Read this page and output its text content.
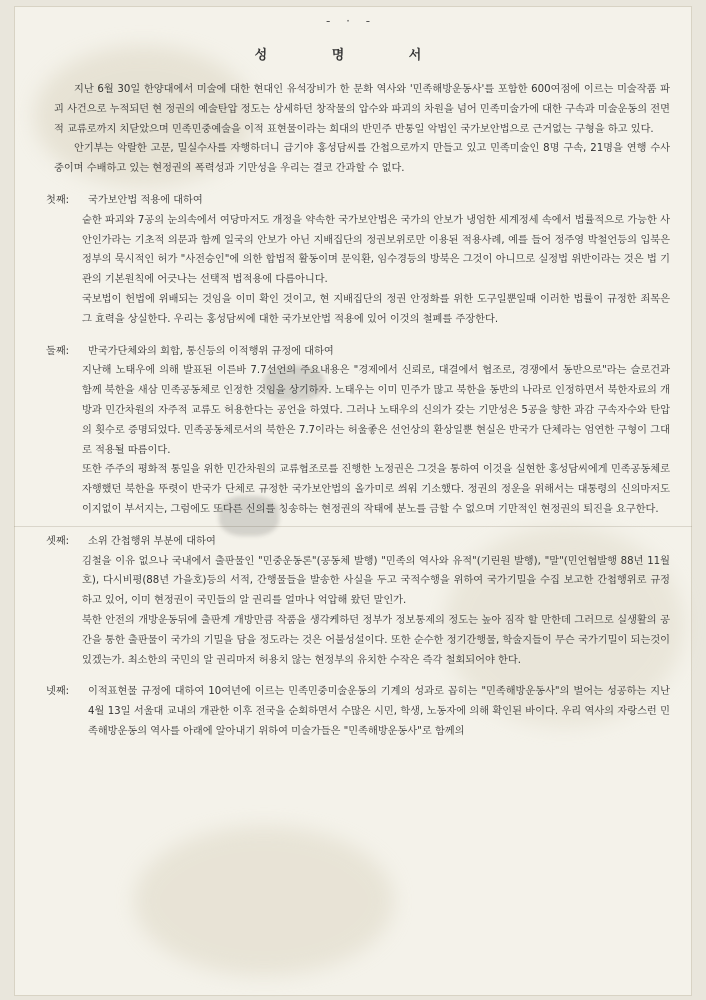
- · -
성 명 서

지난 6월 30일 한양대에서 미술에 대한 현대인 유석장비가 한 문화 역사와 '민족해방운동사'를 포함한 600여점에 이르는 미술작품 파괴 사건으로 누적되던 현 정권의 예술탄압 정도는 상세하던 창작물의 압수와 파괴의 차원을 넘어 민족미술가에 대한 구속과 미술운동의 전면적 교류로까지 치닫았으며 민족민중예술을 이적 표현물이라는 희대의 반민주 반통일 악법인 국가보안법으로 근거없는 구형을 하고 있다.

안기부는 악랄한 고문, 밀실수사를 자행하더니 급기야 홍성담씨를 간첩으로까지 만들고 있고 민족미술인 8명 구속, 21명을 연행 수사 중이며 수배하고 있는 현정권의 폭력성과 기만성을 우리는 결코 간과할 수 없다.

첫째:	국가보안법 적용에 대하여

숱한 파괴와 7공의 눈의속에서 여당마저도 개정을 약속한 국가보안법은 국가의 안보가 냉엄한 세계정세 속에서 법률적으로 가능한 사안인가라는 기초적 의문과 함께 일국의 안보가 아닌 지배집단의 정권보위로만 이용된 적용사례, 예를 들어 정주영 박철언등의 입북은 정부의 묵시적인 허가 "사전승인"에 의한 합법적 활동이며 문익환, 임수경등의 방북은 그것이 아니므로 실정법 위반이라는 것은 법 기관의 기본원칙에 어긋나는 선택적 법적용에 다름아니다.

국보법이 헌법에 위배되는 것임을 이미 확인 것이고, 현 지배집단의 정권 안정화를 위한 도구일뿐일때 이러한 법률이 규정한 죄목은 그 효력을 상실한다. 우리는 홍성담씨에 대한 국가보안법 적용에 있어 이것의 철폐를 주장한다.

둘째:	반국가단체와의 회합, 통신등의 이적행위 규정에 대하여

지난해 노태우에 의해 발표된 이른바 7.7선언의 주요내용은 "경제에서 신뢰로, 대결에서 협조로, 경쟁에서 동반으로"라는 슬로건과 함께 북한을 새삼 민족공동체로 인정한 것임을 상기하자. 노태우는 이미 민주가 많고 북한을 동반의 나라로 인정하면서 북한자료의 개방과 민간차원의 자주적 교류도 허용한다는 공언을 하였다. 그러나 노태우의 신의가 갖는 기만성은 5공을 향한 과감 구속자수와 탄압의 횟수로 증명되었다. 민족공동체로서의 북한은 7.7이라는 허울좋은 선언상의 환상일뿐 현실은 반국가 단체라는 엄연한 구형이 그대로 적용될 따름이다.

또한 주주의 평화적 통일을 위한 민간차원의 교류협조로를 진행한 노정권은 그것을 통하여 이것을 실현한 홍성담씨에게 민족공동체로 자행했던 북한을 뚜렷이 반국가 단체로 규정한 국가보안법의 올가미로 씌워 기소했다. 정권의 정운을 위해서는 대통령의 신의마저도 이지없이 부서지는, 그럼에도 또다른 신의를 칭송하는 현정권의 작태에 분노를 금할 수 없으며 기만적인 현정권의 퇴진을 요구한다.

셋째:	소위 간첩행위 부분에 대하여

김철을 이유 없으나 국내에서 출판물인 "민중운동론"(공동체 발행) "민족의 역사와 유적"(기린원 발행), "말"(민언협발행 88년 11월호), 다시비평(88년 가을호)등의 서적, 간행물들을 발송한 사실을 두고 국적수행을 위하여 국가기밀을 수집 보고한 간첩행위로 규정하고 있어, 이미 현정권이 국민들의 알 권리를 얼마나 억압해 왔던 말인가.

북한 안전의 개방운동뒤에 출판계 개방만큼 작품을 생각케하던 정부가 정보통제의 정도는 높아 짐작 할 만한데 그러므로 실생활의 공간을 통한 출판물이 국가의 기밀을 담을 정도라는 것은 어불성설이다. 또한 순수한 정기간행물, 학술지들이 무슨 국가기밀이 되는것이 있겠는가. 최소한의 국민의 알 권리마저 허용치 않는 현정부의 유치한 수작은 즉각 철회되어야 한다.

넷째:	이적표현물 규정에 대하여 10여년에 이르는 민족민중미술운동의 기계의 성과로 꼽히는 "민족해방운동사"의 벌어는 성공하는 지난 4월 13일 서울대 교내의 개관한 이후 전국을 순회하면서 수많은 시민, 학생, 노동자에 의해 확인된 바이다. 우리 역사의 자랑스런 민족해방운동의 역사를 아래에 알아내기 위하여 미술가들은 "민족해방운동사"로 함께의
